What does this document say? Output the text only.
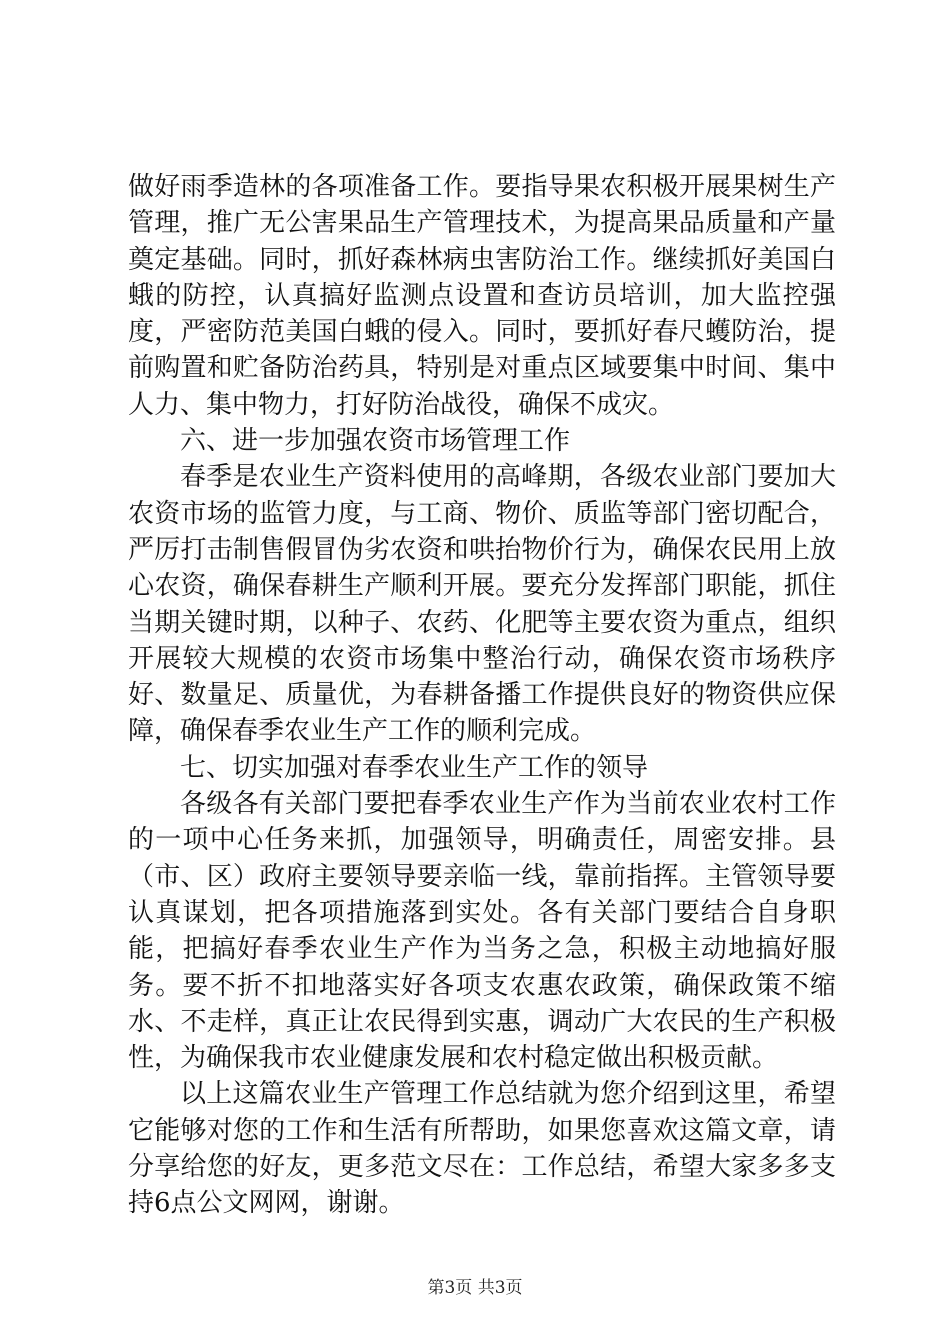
做好雨季造林的各项准备工作。要指导果农积极开展果树生产管理，推广无公害果品生产管理技术，为提高果品质量和产量奠定基础。同时，抓好森林病虫害防治工作。继续抓好美国白蛾的防控，认真搞好监测点设置和查访员培训，加大监控强度，严密防范美国白蛾的侵入。同时，要抓好春尺蠖防治，提前购置和贮备防治药具，特别是对重点区域要集中时间、集中人力、集中物力，打好防治战役，确保不成灾。

六、进一步加强农资市场管理工作

春季是农业生产资料使用的高峰期，各级农业部门要加大农资市场的监管力度，与工商、物价、质监等部门密切配合，严厉打击制售假冒伪劣农资和哄抬物价行为，确保农民用上放心农资，确保春耕生产顺利开展。要充分发挥部门职能，抓住当期关键时期，以种子、农药、化肥等主要农资为重点，组织开展较大规模的农资市场集中整治行动，确保农资市场秩序好、数量足、质量优，为春耕备播工作提供良好的物资供应保障，确保春季农业生产工作的顺利完成。

七、切实加强对春季农业生产工作的领导

各级各有关部门要把春季农业生产作为当前农业农村工作的一项中心任务来抓，加强领导，明确责任，周密安排。县（市、区）政府主要领导要亲临一线，靠前指挥。主管领导要认真谋划，把各项措施落到实处。各有关部门要结合自身职能，把搞好春季农业生产作为当务之急，积极主动地搞好服务。要不折不扣地落实好各项支农惠农政策，确保政策不缩水、不走样，真正让农民得到实惠，调动广大农民的生产积极性，为确保我市农业健康发展和农村稳定做出积极贡献。

以上这篇农业生产管理工作总结就为您介绍到这里，希望它能够对您的工作和生活有所帮助，如果您喜欢这篇文章，请分享给您的好友，更多范文尽在：工作总结，希望大家多多支持6点公文网网，谢谢。

第3页 共3页
